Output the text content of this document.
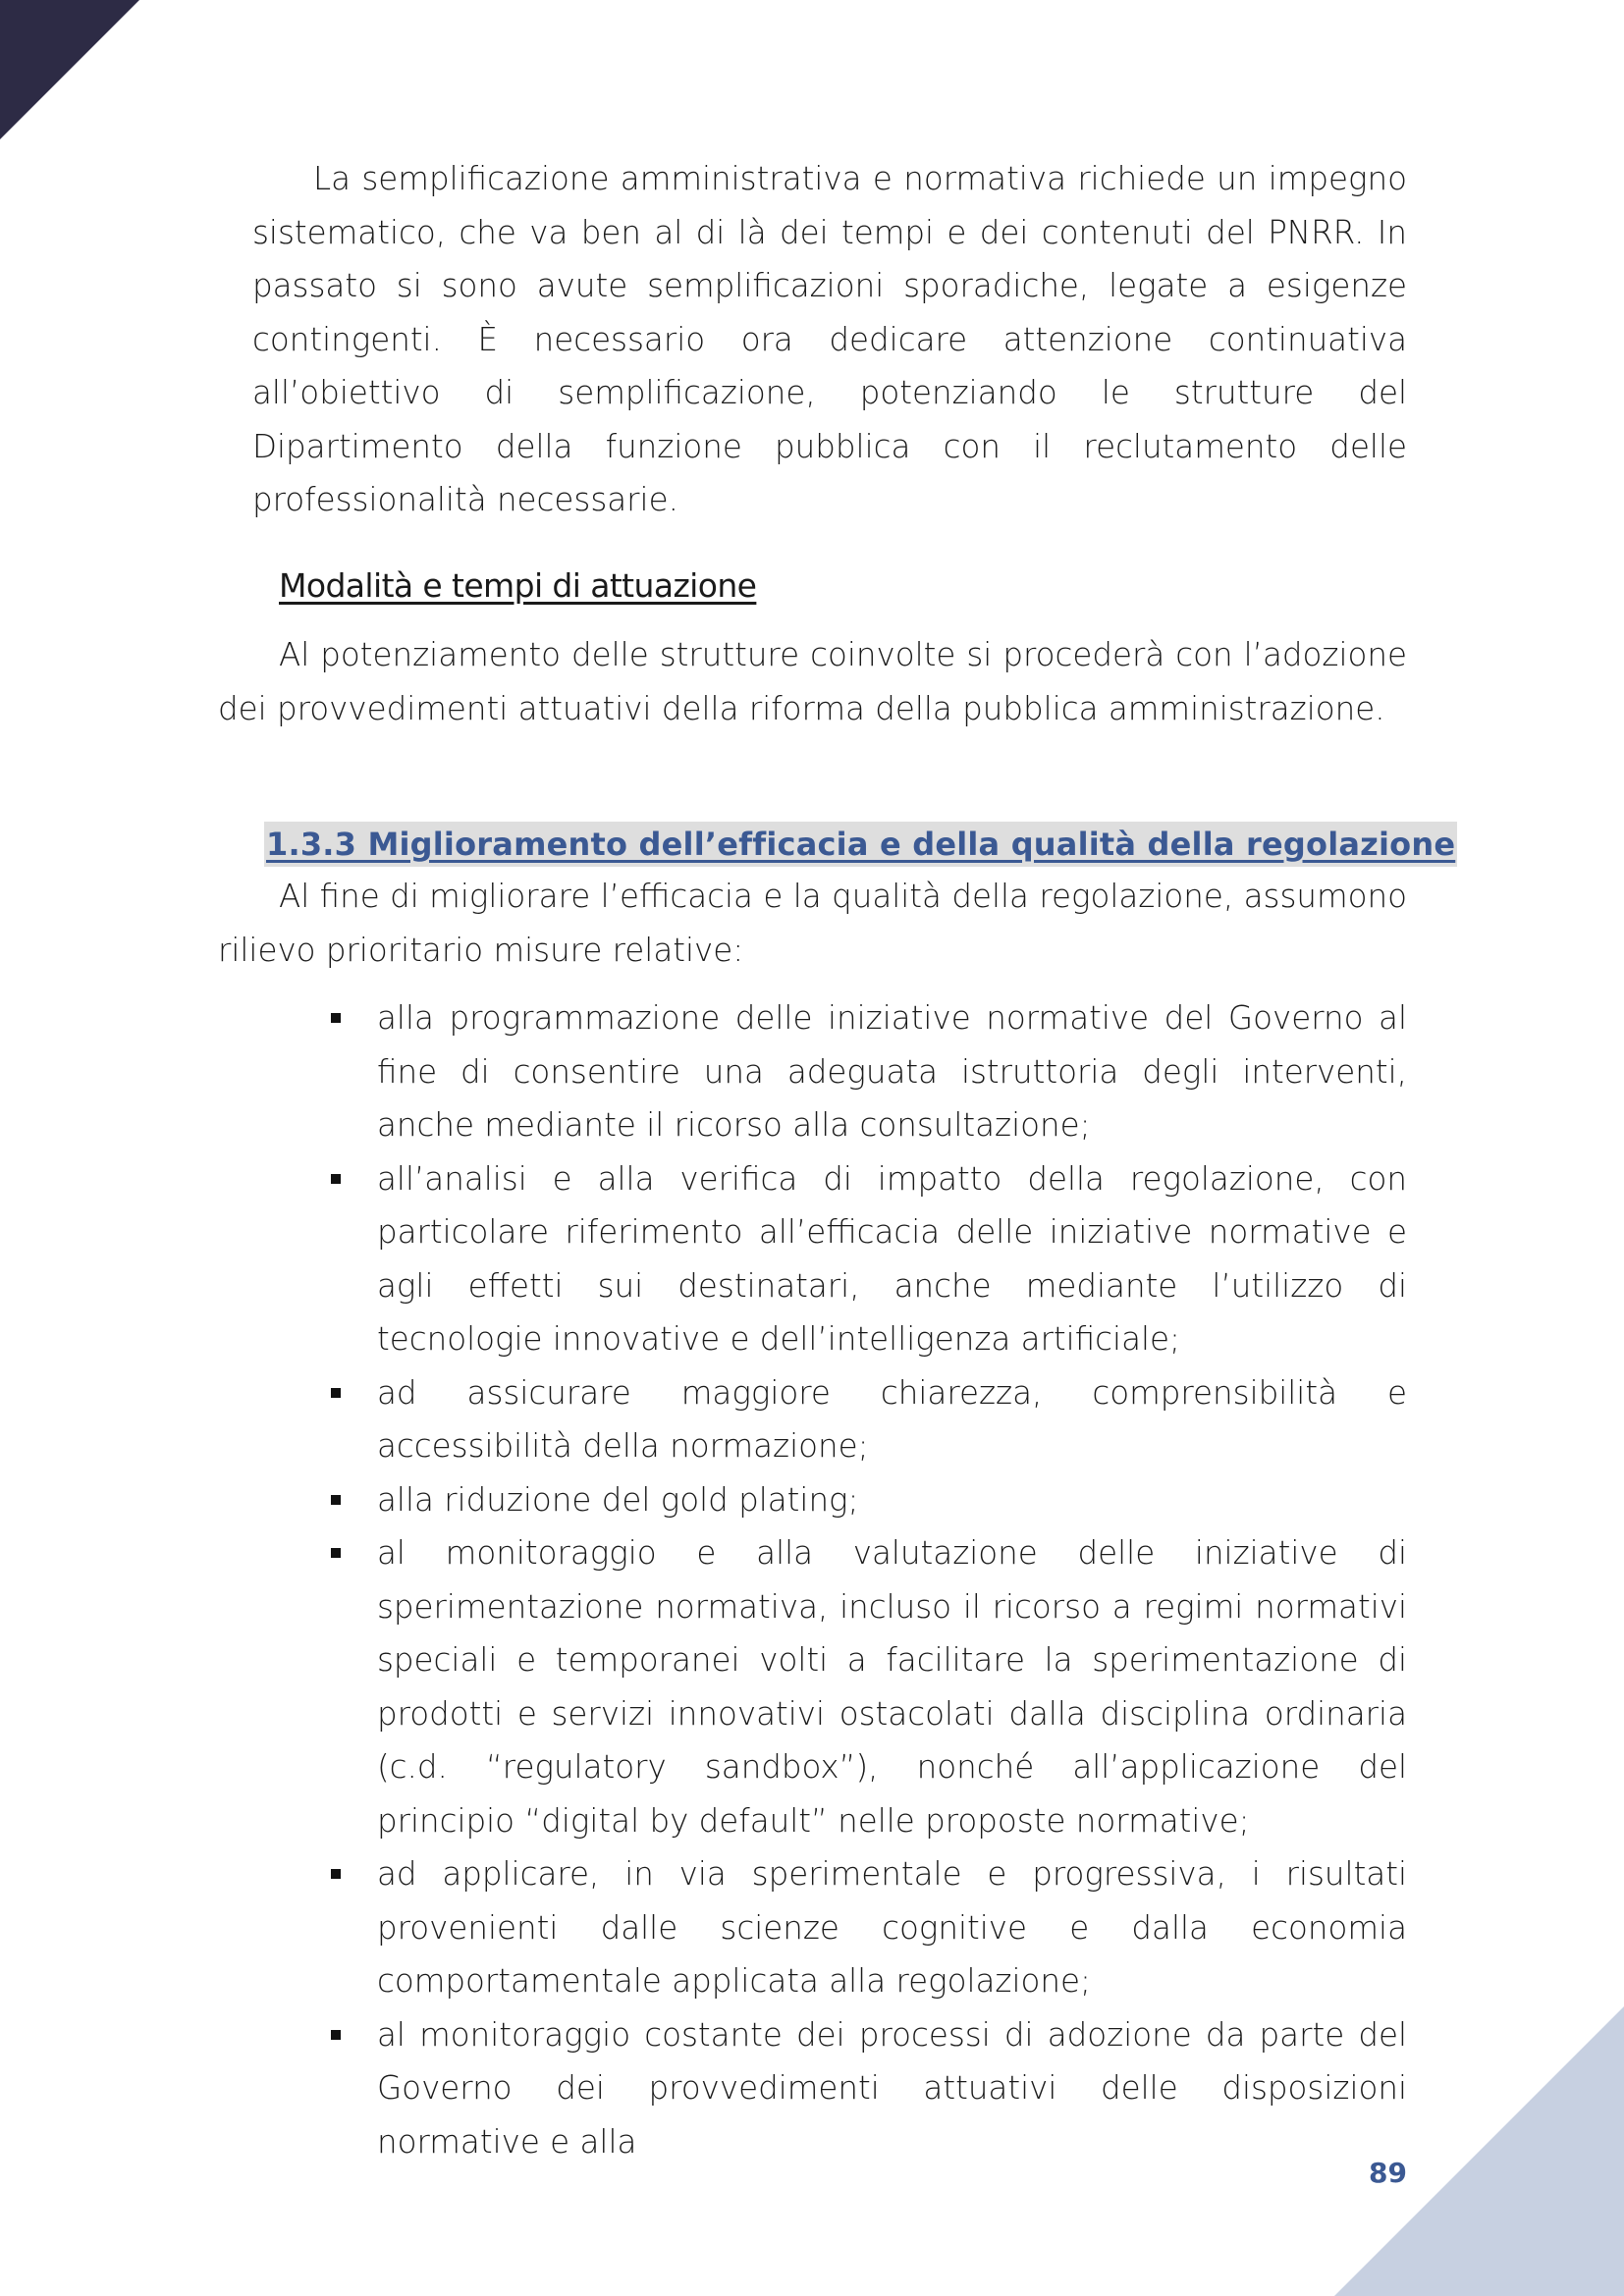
La semplificazione amministrativa e normativa richiede un impegno sistematico, che va ben al di là dei tempi e dei contenuti del PNRR. In passato si sono avute semplificazioni sporadiche, legate a esigenze contingenti. È necessario ora dedicare attenzione continuativa all’obiettivo di semplificazione, potenziando le strutture del Dipartimento della funzione pubblica con il reclutamento delle professionalità necessarie.

Modalità e tempi di attuazione

Al potenziamento delle strutture coinvolte si procederà con l’adozione dei provvedimenti attuativi della riforma della pubblica amministrazione.

1.3.3 Miglioramento dell’efficacia e della qualità della regolazione

Al fine di migliorare l’efficacia e la qualità della regolazione, assumono rilievo prioritario misure relative:

alla programmazione delle iniziative normative del Governo al fine di consentire una adeguata istruttoria degli interventi, anche mediante il ricorso alla consultazione;
all’analisi e alla verifica di impatto della regolazione, con particolare riferimento all’efficacia delle iniziative normative e agli effetti sui destinatari, anche mediante l’utilizzo di tecnologie innovative e dell’intelligenza artificiale;
ad assicurare maggiore chiarezza, comprensibilità e accessibilità della normazione;
alla riduzione del gold plating;
al monitoraggio e alla valutazione delle iniziative di sperimentazione normativa, incluso il ricorso a regimi normativi speciali e temporanei volti a facilitare la sperimentazione di prodotti e servizi innovativi ostacolati dalla disciplina ordinaria (c.d. “regulatory sandbox”), nonché all’applicazione del principio “digital by default” nelle proposte normative;
ad applicare, in via sperimentale e progressiva, i risultati provenienti dalle scienze cognitive e dalla economia comportamentale applicata alla regolazione;
al monitoraggio costante dei processi di adozione da parte del Governo dei provvedimenti attuativi delle disposizioni normative e alla

89
